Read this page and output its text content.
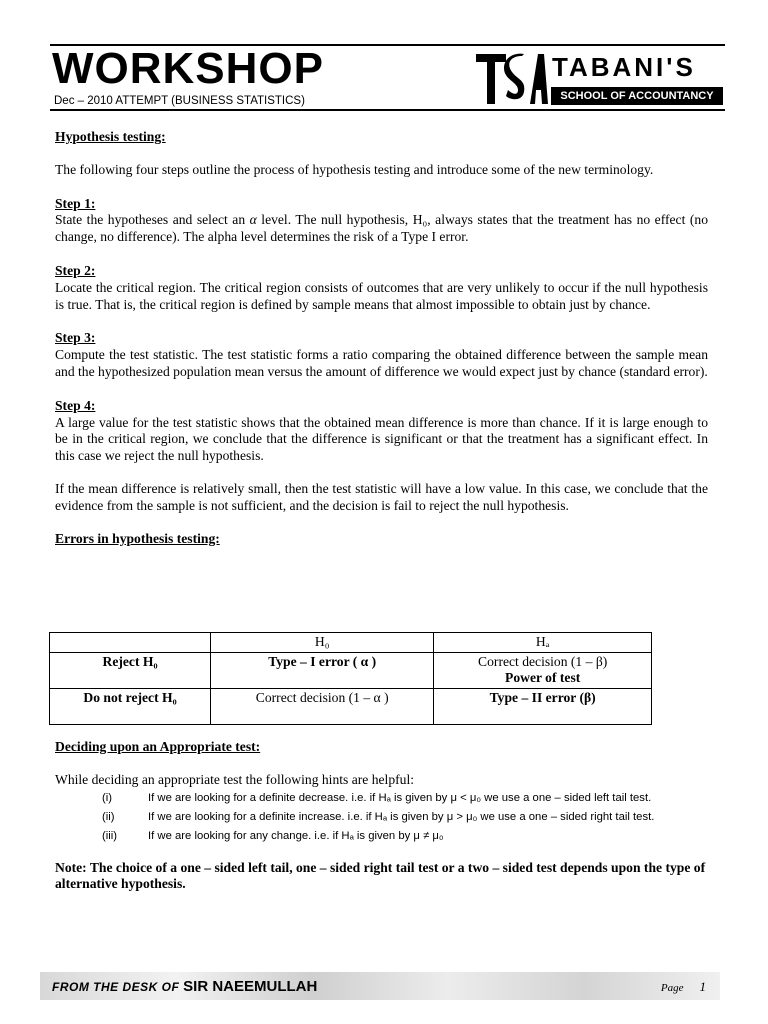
WORKSHOP
Dec – 2010 ATTEMPT (BUSINESS STATISTICS)
TSA
TABANI'S
SCHOOL OF ACCOUNTANCY

Hypothesis testing:

The following four steps outline the process of hypothesis testing and introduce some of the new terminology.

Step 1:

State the hypotheses and select an α level. The null hypothesis, H₀, always states that the treatment has no effect (no change, no difference). The alpha level determines the risk of a Type I error.

Step 2:

Locate the critical region. The critical region consists of outcomes that are very unlikely to occur if the null hypothesis is true. That is, the critical region is defined by sample means that almost impossible to obtain just by chance.

Step 3:

Compute the test statistic. The test statistic forms a ratio comparing the obtained difference between the sample mean and the hypothesized population mean versus the amount of difference we would expect just by chance (standard error).

Step 4:

A large value for the test statistic shows that the obtained mean difference is more than chance. If it is large enough to be in the critical region, we conclude that the difference is significant or that the treatment has a significant effect. In this case we reject the null hypothesis.

If the mean difference is relatively small, then the test statistic will have a low value. In this case, we conclude that the evidence from the sample is not sufficient, and the decision is fail to reject the null hypothesis.

Errors in hypothesis testing:

	H₀	Hₐ
Reject H₀	Type – I error ( α )	Correct decision (1 – β)
Power of test

Do not reject H₀	Correct decision (1 – α )	Type – II error (β)

Deciding upon an Appropriate test:

While deciding an appropriate test the following hints are helpful:

(i)	If we are looking for a definite decrease. i.e. if Hₐ is given by μ < μ₀ we use a one – sided left tail test.
(ii)	If we are looking for a definite increase. i.e. if Hₐ is given by μ > μ₀ we use a one – sided right tail test.
(iii)	If we are looking for any change. i.e. if Hₐ is given by μ ≠ μ₀

Note: The choice of a one – sided left tail, one – sided right tail test or a two – sided test depends upon the type of alternative hypothesis.

FROM THE DESK OF SIR NAEEMULLAH	Page 1
